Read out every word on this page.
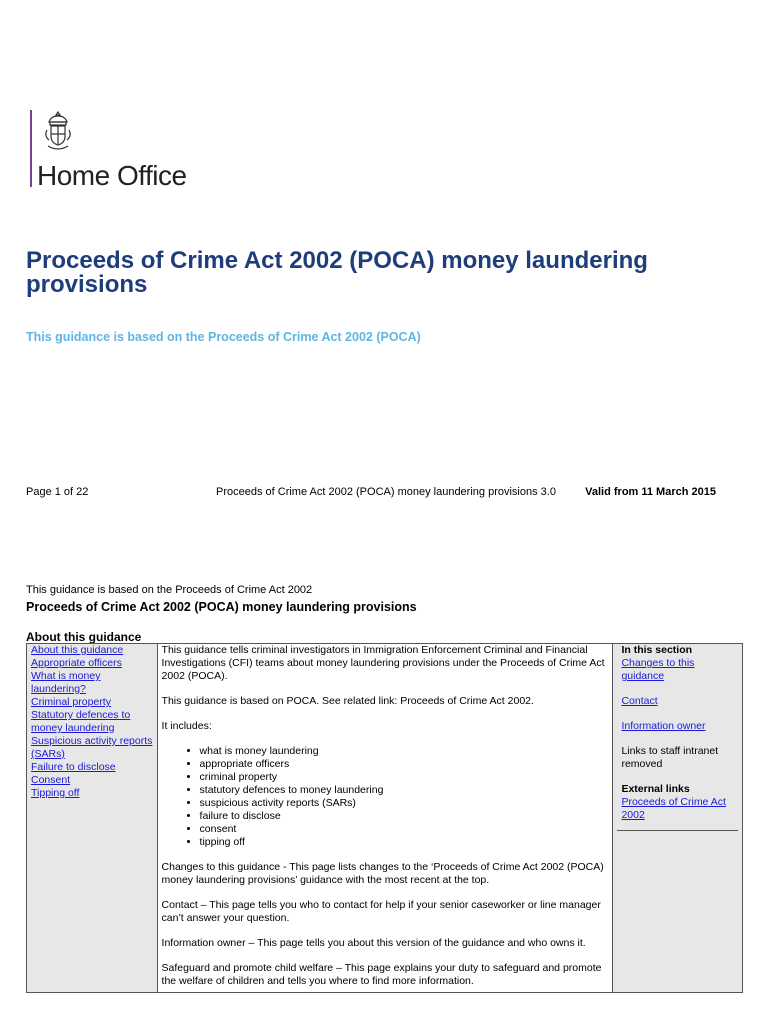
Home Office
Proceeds of Crime Act 2002 (POCA) money laundering provisions
This guidance is based on the Proceeds of Crime Act 2002 (POCA)
Page 1 of 22	Proceeds of Crime Act 2002 (POCA) money laundering provisions 3.0	Valid from 11 March 2015
This guidance is based on the Proceeds of Crime Act 2002
Proceeds of Crime Act 2002 (POCA) money laundering provisions
About this guidance
About this guidance
Appropriate officers
What is money laundering?
Criminal property
Statutory defences to money laundering
Suspicious activity reports (SARs)
Failure to disclose
Consent
Tipping off

This guidance tells criminal investigators in Immigration Enforcement Criminal and Financial Investigations (CFI) teams about money laundering provisions under the Proceeds of Crime Act 2002 (POCA).

This guidance is based on POCA. See related link: Proceeds of Crime Act 2002.

It includes:

• what is money laundering
• appropriate officers
• criminal property
• statutory defences to money laundering
• suspicious activity reports (SARs)
• failure to disclose
• consent
• tipping off

Changes to this guidance - This page lists changes to the ‘Proceeds of Crime Act 2002 (POCA) money laundering provisions’ guidance with the most recent at the top.

Contact – This page tells you who to contact for help if your senior caseworker or line manager can’t answer your question.

Information owner – This page tells you about this version of the guidance and who owns it.

Safeguard and promote child welfare – This page explains your duty to safeguard and promote the welfare of children and tells you where to find more information.

In this section
Changes to this guidance
Contact
Information owner
Links to staff intranet removed
External links
Proceeds of Crime Act 2002
